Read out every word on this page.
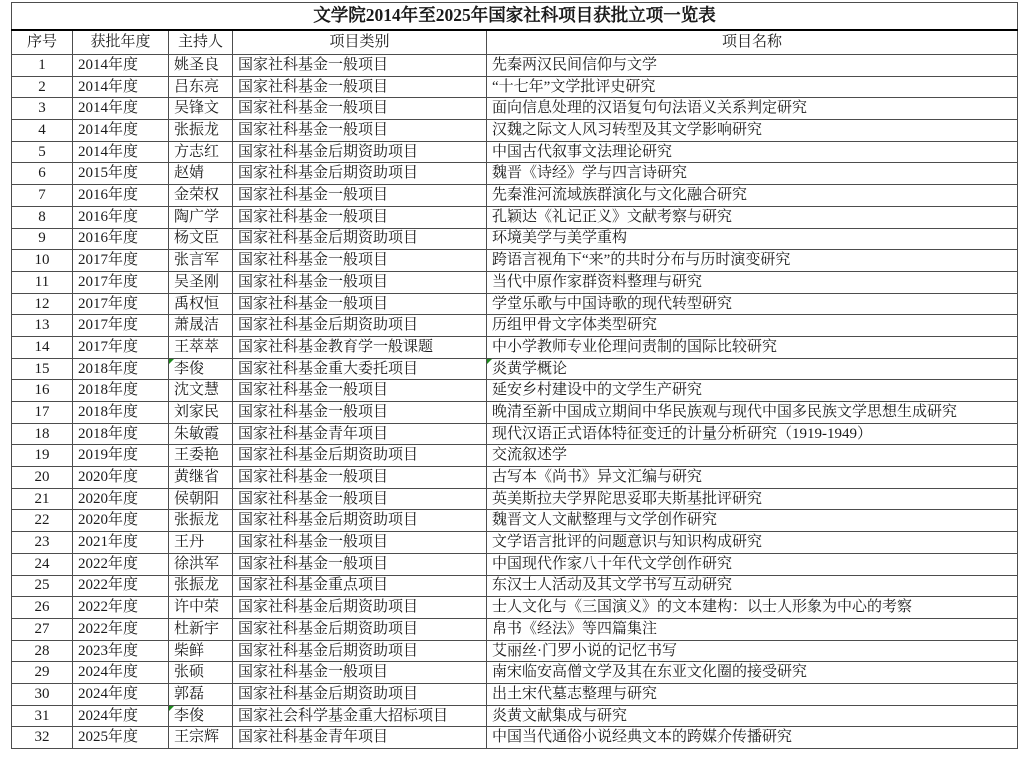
文学院2014年至2025年国家社科项目获批立项一览表				
序号	获批年度	主持人	项目类别	项目名称
1	2014年度	姚圣良	国家社科基金一般项目	先秦两汉民间信仰与文学
2	2014年度	吕东亮	国家社科基金一般项目	“十七年”文学批评史研究
3	2014年度	吴锋文	国家社科基金一般项目	面向信息处理的汉语复句句法语义关系判定研究
4	2014年度	张振龙	国家社科基金一般项目	汉魏之际文人风习转型及其文学影响研究
5	2014年度	方志红	国家社科基金后期资助项目	中国古代叙事文法理论研究
6	2015年度	赵婧	国家社科基金后期资助项目	魏晋《诗经》学与四言诗研究
7	2016年度	金荣权	国家社科基金一般项目	先秦淮河流域族群演化与文化融合研究
8	2016年度	陶广学	国家社科基金一般项目	孔颖达《礼记正义》文献考察与研究
9	2016年度	杨文臣	国家社科基金后期资助项目	环境美学与美学重构
10	2017年度	张言军	国家社科基金一般项目	跨语言视角下“来”的共时分布与历时演变研究
11	2017年度	吴圣刚	国家社科基金一般项目	当代中原作家群资料整理与研究
12	2017年度	禹权恒	国家社科基金一般项目	学堂乐歌与中国诗歌的现代转型研究
13	2017年度	萧晟洁	国家社科基金后期资助项目	历组甲骨文字体类型研究
14	2017年度	王萃萃	国家社科基金教育学一般课题	中小学教师专业伦理问责制的国际比较研究
15	2018年度	李俊	国家社科基金重大委托项目	炎黄学概论

16	2018年度	沈文慧	国家社科基金一般项目	延安乡村建设中的文学生产研究
17	2018年度	刘家民	国家社科基金一般项目	晚清至新中国成立期间中华民族观与现代中国多民族文学思想生成研究
18	2018年度	朱敏霞	国家社科基金青年项目	现代汉语正式语体特征变迁的计量分析研究（1919-1949）
19	2019年度	王委艳	国家社科基金后期资助项目	交流叙述学
20	2020年度	黄继省	国家社科基金一般项目	古写本《尚书》异文汇编与研究
21	2020年度	侯朝阳	国家社科基金一般项目	英美斯拉夫学界陀思妥耶夫斯基批评研究
22	2020年度	张振龙	国家社科基金后期资助项目	魏晋文人文献整理与文学创作研究
23	2021年度	王丹	国家社科基金一般项目	文学语言批评的问题意识与知识构成研究
24	2022年度	徐洪军	国家社科基金一般项目	中国现代作家八十年代文学创作研究
25	2022年度	张振龙	国家社科基金重点项目	东汉士人活动及其文学书写互动研究
26	2022年度	许中荣	国家社科基金后期资助项目	士人文化与《三国演义》的文本建构：以士人形象为中心的考察
27	2022年度	杜新宇	国家社科基金后期资助项目	帛书《经法》等四篇集注
28	2023年度	柴鲜	国家社科基金后期资助项目	艾丽丝·门罗小说的记忆书写
29	2024年度	张硕	国家社科基金一般项目	南宋临安高僧文学及其在东亚文化圈的接受研究
30	2024年度	郭磊	国家社科基金后期资助项目	出土宋代墓志整理与研究
31	2024年度	李俊	国家社会科学基金重大招标项目	炎黄文献集成与研究
32	2025年度	王宗辉	国家社科基金青年项目	中国当代通俗小说经典文本的跨媒介传播研究
